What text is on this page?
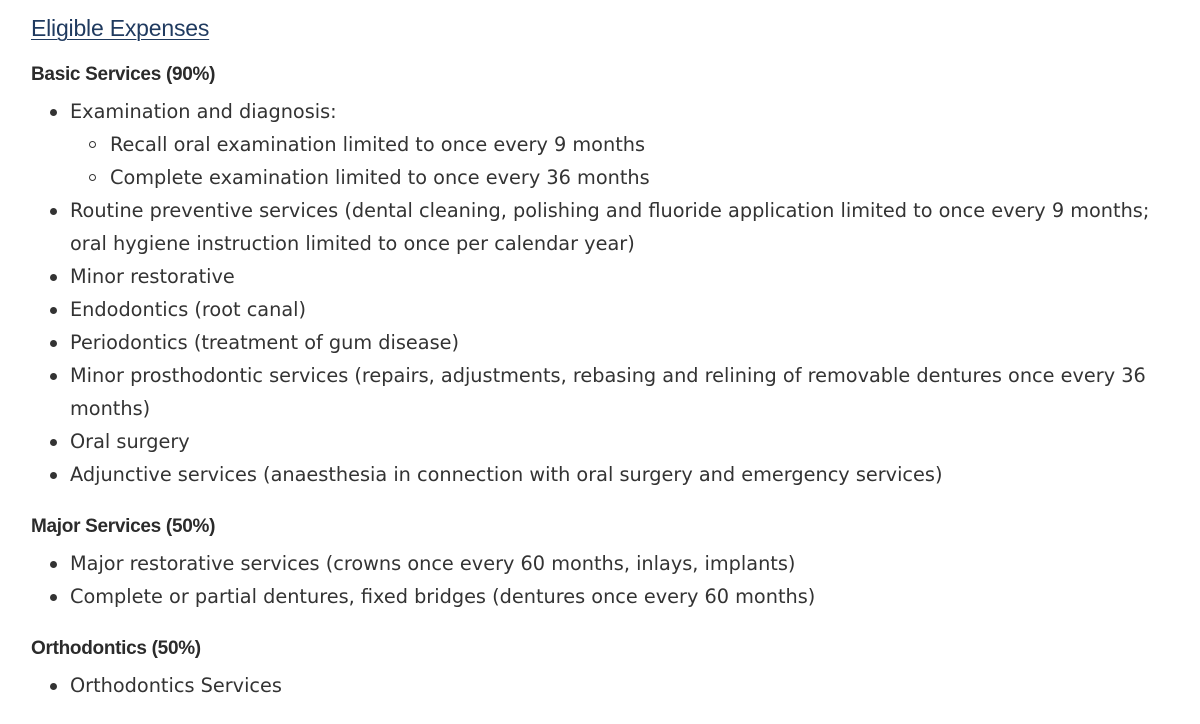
Eligible Expenses
Basic Services (90%)
Examination and diagnosis:
Recall oral examination limited to once every 9 months
Complete examination limited to once every 36 months
Routine preventive services (dental cleaning, polishing and fluoride application limited to once every 9 months; oral hygiene instruction limited to once per calendar year)
Minor restorative
Endodontics (root canal)
Periodontics (treatment of gum disease)
Minor prosthodontic services (repairs, adjustments, rebasing and relining of removable dentures once every 36 months)
Oral surgery
Adjunctive services (anaesthesia in connection with oral surgery and emergency services)
Major Services (50%)
Major restorative services (crowns once every 60 months, inlays, implants)
Complete or partial dentures, fixed bridges (dentures once every 60 months)
Orthodontics (50%)
Orthodontics Services
